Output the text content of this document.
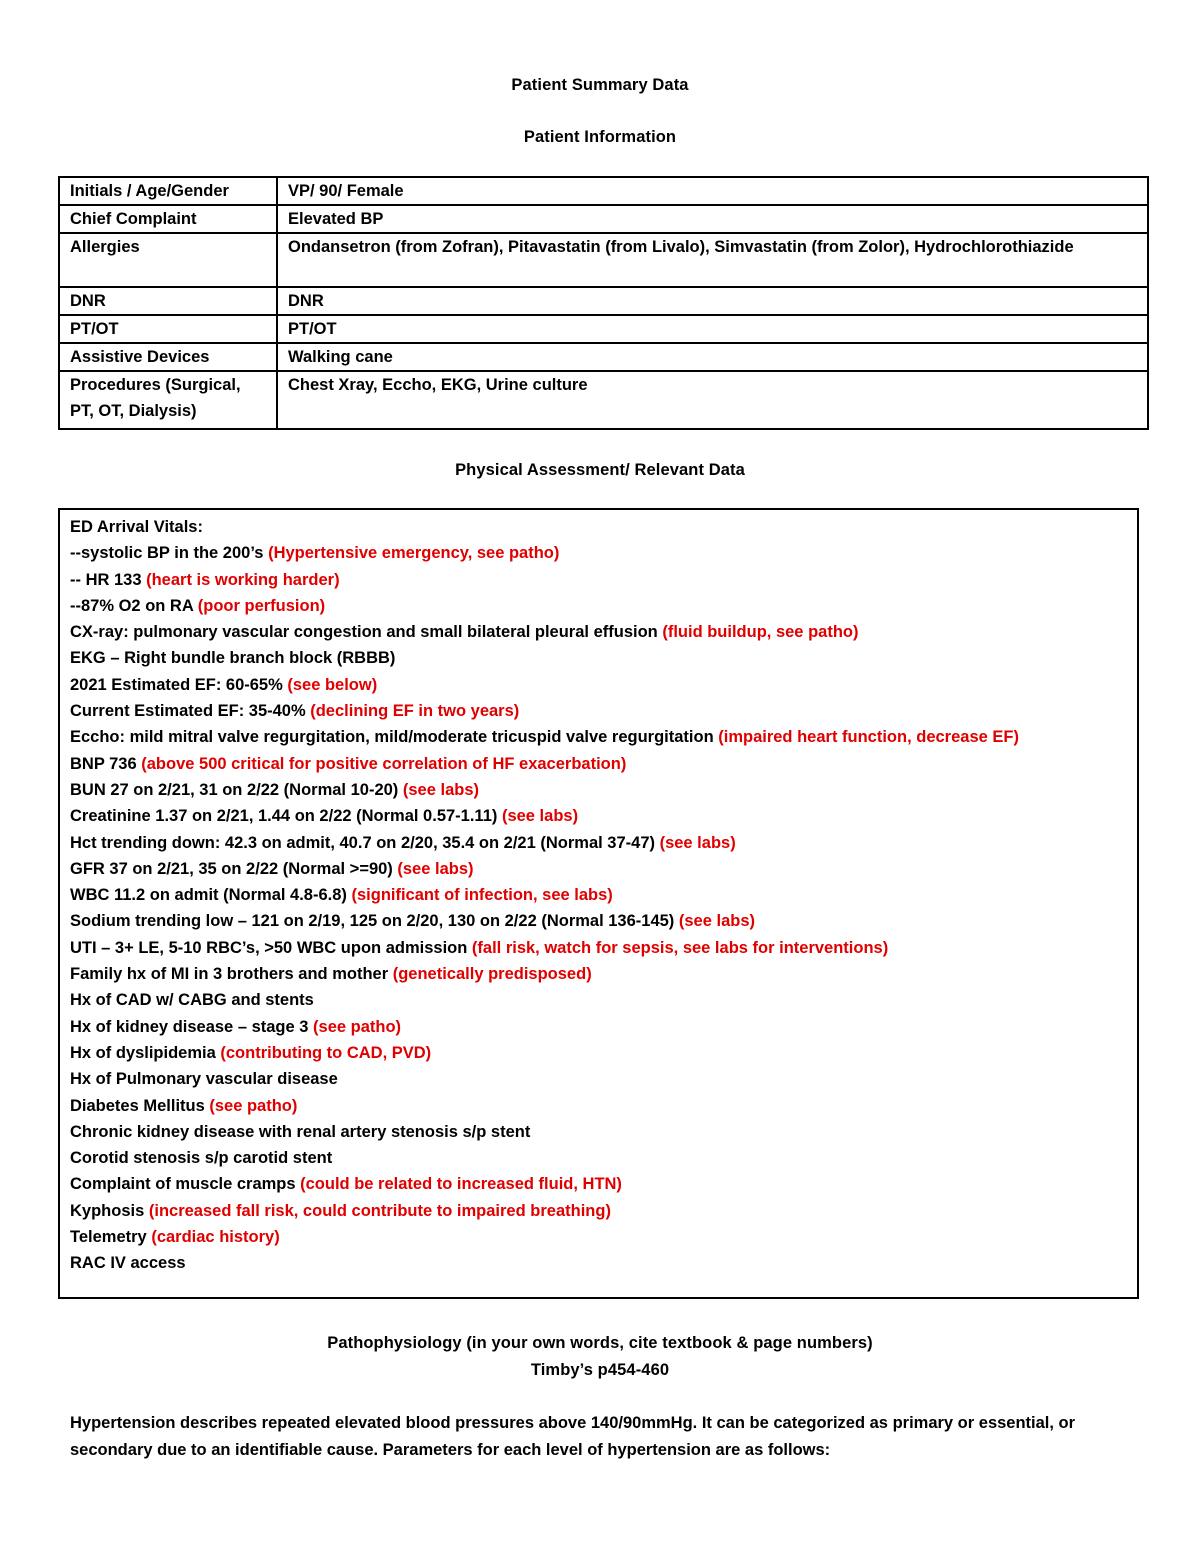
Patient Summary Data
Patient Information
Initials / Age/Gender	VP/ 90/ Female
Chief Complaint	Elevated BP
Allergies	Ondansetron (from Zofran), Pitavastatin (from Livalo), Simvastatin (from Zolor), Hydrochlorothiazide
DNR	DNR
PT/OT	PT/OT
Assistive Devices	Walking cane
Procedures (Surgical, PT, OT, Dialysis)	Chest Xray, Eccho, EKG, Urine culture
Physical Assessment/ Relevant Data
ED Arrival Vitals:
--systolic BP in the 200’s (Hypertensive emergency, see patho)
-- HR 133 (heart is working harder)
--87% O2 on RA (poor perfusion)
CX-ray: pulmonary vascular congestion and small bilateral pleural effusion (fluid buildup, see patho)
EKG – Right bundle branch block (RBBB)
2021 Estimated EF: 60-65% (see below)
Current Estimated EF: 35-40% (declining EF in two years)
Eccho: mild mitral valve regurgitation, mild/moderate tricuspid valve regurgitation (impaired heart function, decrease EF)
BNP 736 (above 500 critical for positive correlation of HF exacerbation)
BUN 27 on 2/21, 31 on 2/22 (Normal 10-20) (see labs)
Creatinine 1.37 on 2/21, 1.44 on 2/22 (Normal 0.57-1.11) (see labs)
Hct trending down: 42.3 on admit, 40.7 on 2/20, 35.4 on 2/21 (Normal 37-47) (see labs)
GFR 37 on 2/21, 35 on 2/22 (Normal >=90) (see labs)
WBC 11.2 on admit (Normal 4.8-6.8) (significant of infection, see labs)
Sodium trending low – 121 on 2/19, 125 on 2/20, 130 on 2/22 (Normal 136-145) (see labs)
UTI – 3+ LE, 5-10 RBC’s, >50 WBC upon admission (fall risk, watch for sepsis, see labs for interventions)
Family hx of MI in 3 brothers and mother (genetically predisposed)
Hx of CAD w/ CABG and stents
Hx of kidney disease – stage 3 (see patho)
Hx of dyslipidemia (contributing to CAD, PVD)
Hx of Pulmonary vascular disease
Diabetes Mellitus (see patho)
Chronic kidney disease with renal artery stenosis s/p stent
Corotid stenosis s/p carotid stent
Complaint of muscle cramps (could be related to increased fluid, HTN)
Kyphosis (increased fall risk, could contribute to impaired breathing)
Telemetry (cardiac history)
RAC IV access
Pathophysiology (in your own words, cite textbook & page numbers)
Timby’s p454-460
Hypertension describes repeated elevated blood pressures above 140/90mmHg. It can be categorized as primary or essential, or secondary due to an identifiable cause. Parameters for each level of hypertension are as follows:
